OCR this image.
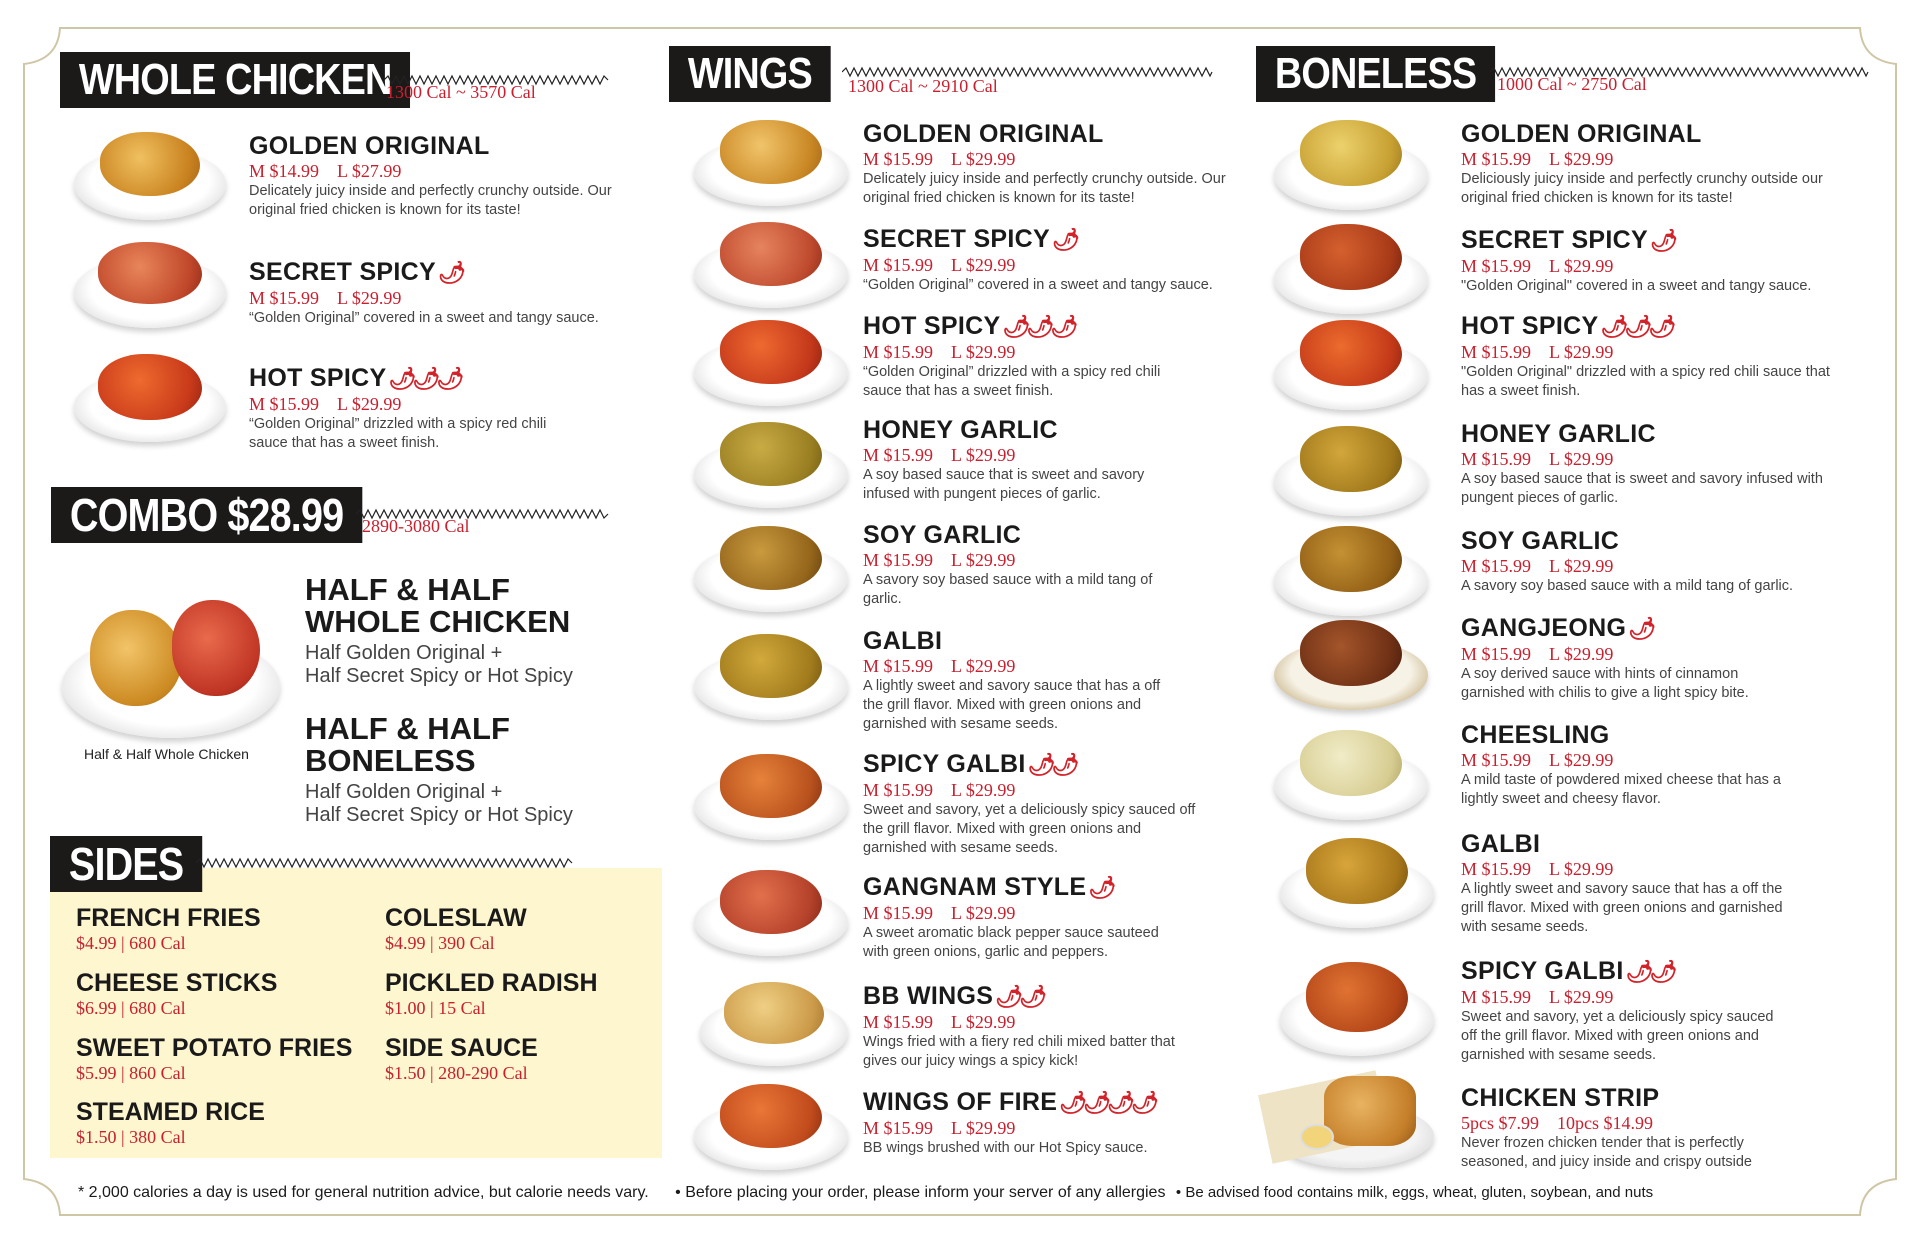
WHOLE CHICKEN
1300 Cal ~ 3570 Cal
GOLDEN ORIGINAL
M $14.99 L $27.99
Delicately juicy inside and perfectly crunchy outside. Our original fried chicken is known for its taste!
SECRET SPICY🌶
M $15.99 L $29.99
“Golden Original” covered in a sweet and tangy sauce.
HOT SPICY🌶🌶🌶
M $15.99 L $29.99
“Golden Original” drizzled with a spicy red chili sauce that has a sweet finish.
COMBO $28.99	2890-3080 Cal
Half & Half Whole Chicken
HALF & HALF
WHOLE CHICKEN
Half Golden Original +
Half Secret Spicy or Hot Spicy
HALF & HALF
BONELESS
Half Golden Original +
Half Secret Spicy or Hot Spicy
SIDES
FRENCH FRIES
$4.99 | 680 Cal
COLESLAW
$4.99 | 390 Cal
CHEESE STICKS
$6.99 | 680 Cal
PICKLED RADISH
$1.00 | 15 Cal
SWEET POTATO FRIES
$5.99 | 860 Cal
SIDE SAUCE
$1.50 | 280-290 Cal
STEAMED RICE
$1.50 | 380 Cal
WINGS	1300 Cal ~ 2910 Cal
GOLDEN ORIGINAL
M $15.99 L $29.99
Delicately juicy inside and perfectly crunchy outside. Our original fried chicken is known for its taste!
SECRET SPICY🌶
M $15.99 L $29.99
“Golden Original” covered in a sweet and tangy sauce.
HOT SPICY🌶🌶🌶
M $15.99 L $29.99
“Golden Original” drizzled with a spicy red chili sauce that has a sweet finish.
HONEY GARLIC
M $15.99 L $29.99
A soy based sauce that is sweet and savory infused with pungent pieces of garlic.
SOY GARLIC
M $15.99 L $29.99
A savory soy based sauce with a mild tang of garlic.
GALBI
M $15.99 L $29.99
A lightly sweet and savory sauce that has a off the grill flavor. Mixed with green onions and garnished with sesame seeds.
SPICY GALBI🌶🌶
M $15.99 L $29.99
Sweet and savory, yet a deliciously spicy sauced off the grill flavor. Mixed with green onions and garnished with sesame seeds.
GANGNAM STYLE🌶
M $15.99 L $29.99
A sweet aromatic black pepper sauce sauteed with green onions, garlic and peppers.
BB WINGS🌶🌶
M $15.99 L $29.99
Wings fried with a fiery red chili mixed batter that gives our juicy wings a spicy kick!
WINGS OF FIRE🌶🌶🌶🌶
M $15.99 L $29.99
BB wings brushed with our Hot Spicy sauce.
BONELESS	1000 Cal ~ 2750 Cal
GOLDEN ORIGINAL
M $15.99 L $29.99
Deliciously juicy inside and perfectly crunchy outside our original fried chicken is known for its taste!
SECRET SPICY🌶
M $15.99 L $29.99
"Golden Original" covered in a sweet and tangy sauce.
HOT SPICY🌶🌶🌶
M $15.99 L $29.99
"Golden Original" drizzled with a spicy red chili sauce that has a sweet finish.
HONEY GARLIC
M $15.99 L $29.99
A soy based sauce that is sweet and savory infused with pungent pieces of garlic.
SOY GARLIC
M $15.99 L $29.99
A savory soy based sauce with a mild tang of garlic.
GANGJEONG🌶
M $15.99 L $29.99
A soy derived sauce with hints of cinnamon garnished with chilis to give a light spicy bite.
CHEESLING
M $15.99 L $29.99
A mild taste of powdered mixed cheese that has a lightly sweet and cheesy flavor.
GALBI
M $15.99 L $29.99
A lightly sweet and savory sauce that has a off the grill flavor. Mixed with green onions and garnished with sesame seeds.
SPICY GALBI🌶🌶
M $15.99 L $29.99
Sweet and savory, yet a deliciously spicy sauced off the grill flavor. Mixed with green onions and garnished with sesame seeds.
CHICKEN STRIP
5pcs $7.99 10pcs $14.99
Never frozen chicken tender that is perfectly seasoned, and juicy inside and crispy outside
* 2,000 calories a day is used for general nutrition advice, but calorie needs vary. • Before placing your order, please inform your server of any allergies • Be advised food contains milk, eggs, wheat, gluten, soybean, and nuts
